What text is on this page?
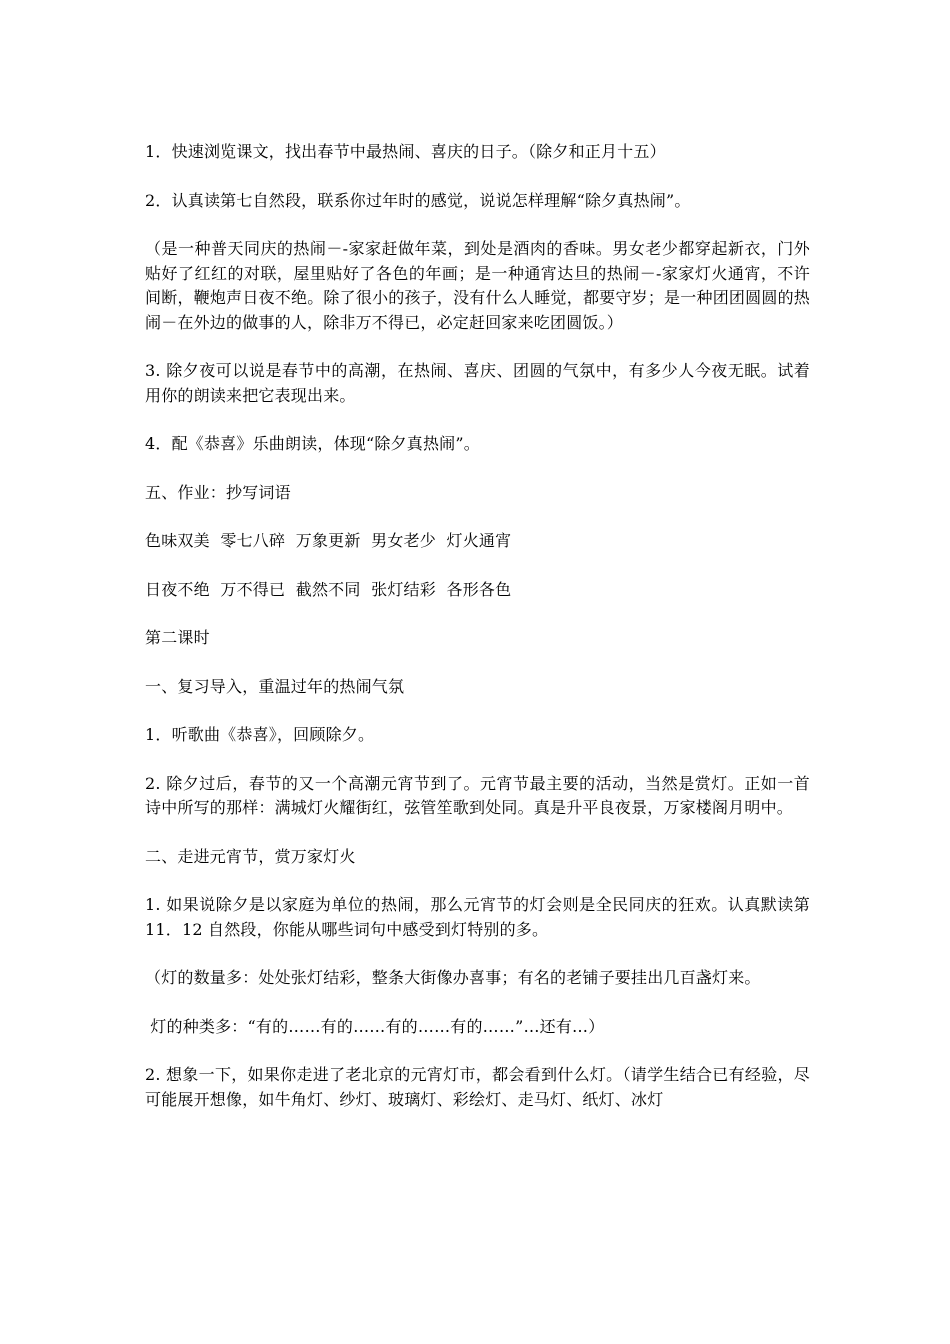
1．快速浏览课文，找出春节中最热闹、喜庆的日子。（除夕和正月十五）

2．认真读第七自然段，联系你过年时的感觉，说说怎样理解“除夕真热闹”。

（是一种普天同庆的热闹－-家家赶做年菜，到处是酒肉的香味。男女老少都穿起新衣，门外贴好了红红的对联，屋里贴好了各色的年画；是一种通宵达旦的热闹－-家家灯火通宵，不许间断，鞭炮声日夜不绝。除了很小的孩子，没有什么人睡觉，都要守岁；是一种团团圆圆的热闹－在外边的做事的人，除非万不得已，必定赶回家来吃团圆饭。）

3. 除夕夜可以说是春节中的高潮，在热闹、喜庆、团圆的气氛中，有多少人今夜无眠。试着用你的朗读来把它表现出来。

4．配《恭喜》乐曲朗读，体现“除夕真热闹”。

五、作业：抄写词语

色味双美  零七八碎  万象更新  男女老少  灯火通宵

日夜不绝  万不得已  截然不同  张灯结彩  各形各色

第二课时

一、复习导入，重温过年的热闹气氛

1．听歌曲《恭喜》，回顾除夕。

2. 除夕过后，春节的又一个高潮元宵节到了。元宵节最主要的活动，当然是赏灯。正如一首诗中所写的那样：满城灯火耀街红，弦管笙歌到处同。真是升平良夜景，万家楼阁月明中。

二、走进元宵节，赏万家灯火

1. 如果说除夕是以家庭为单位的热闹，那么元宵节的灯会则是全民同庆的狂欢。认真默读第 11．12 自然段，你能从哪些词句中感受到灯特别的多。

（灯的数量多：处处张灯结彩，整条大街像办喜事；有名的老铺子要挂出几百盏灯来。

灯的种类多：“有的……有的……有的……有的……”…还有…）

2. 想象一下，如果你走进了老北京的元宵灯市，都会看到什么灯。（请学生结合已有经验，尽可能展开想像，如牛角灯、纱灯、玻璃灯、彩绘灯、走马灯、纸灯、冰灯
